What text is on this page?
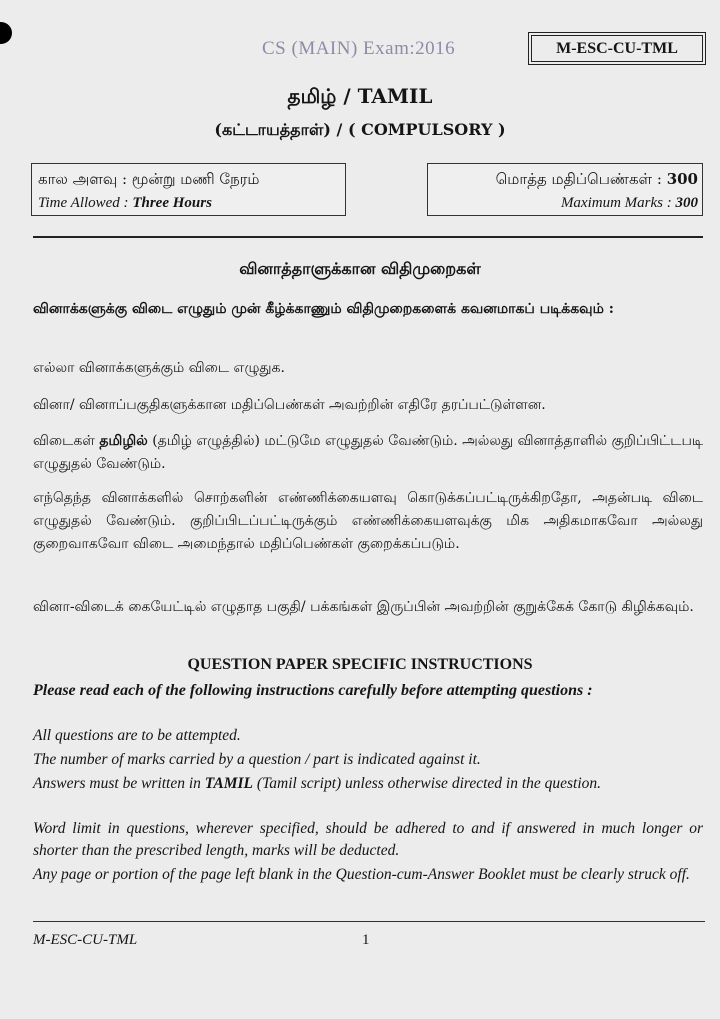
CS (MAIN) Exam:2016	M-ESC-CU-TML
தமிழ் / TAMIL
(கட்டாயத்தாள்) / ( COMPULSORY )
கால அளவு : மூன்று மணி நேரம்
Time Allowed : Three Hours
மொத்த மதிப்பெண்கள் : 300
Maximum Marks : 300
வினாத்தாளுக்கான விதிமுறைகள்
வினாக்களுக்கு விடை எழுதும் முன் கீழ்க்காணும் விதிமுறைகளைக் கவனமாகப் படிக்கவும் :
எல்லா வினாக்களுக்கும் விடை எழுதுக.
வினா/ வினாப்பகுதிகளுக்கான மதிப்பெண்கள் அவற்றின் எதிரே தரப்பட்டுள்ளன.
விடைகள் தமிழில் (தமிழ் எழுத்தில்) மட்டுமே எழுதுதல் வேண்டும். அல்லது வினாத்தாளில் குறிப்பிட்டபடி எழுதுதல் வேண்டும்.
எந்தெந்த வினாக்களில் சொற்களின் எண்ணிக்கையளவு கொடுக்கப்பட்டிருக்கிறதோ, அதன்படி விடை எழுதுதல் வேண்டும். குறிப்பிடப்பட்டிருக்கும் எண்ணிக்கையளவுக்கு மிக அதிகமாகவோ அல்லது குறைவாகவோ விடை அமைந்தால் மதிப்பெண்கள் குறைக்கப்படும்.
வினா-விடைக் கையேட்டில் எழுதாத பகுதி/ பக்கங்கள் இருப்பின் அவற்றின் குறுக்கேக் கோடு கிழிக்கவும்.
QUESTION PAPER SPECIFIC INSTRUCTIONS
Please read each of the following instructions carefully before attempting questions :
All questions are to be attempted.
The number of marks carried by a question / part is indicated against it.
Answers must be written in TAMIL (Tamil script) unless otherwise directed in the question.
Word limit in questions, wherever specified, should be adhered to and if answered in much longer or shorter than the prescribed length, marks will be deducted.
Any page or portion of the page left blank in the Question-cum-Answer Booklet must be clearly struck off.
M-ESC-CU-TML	1
